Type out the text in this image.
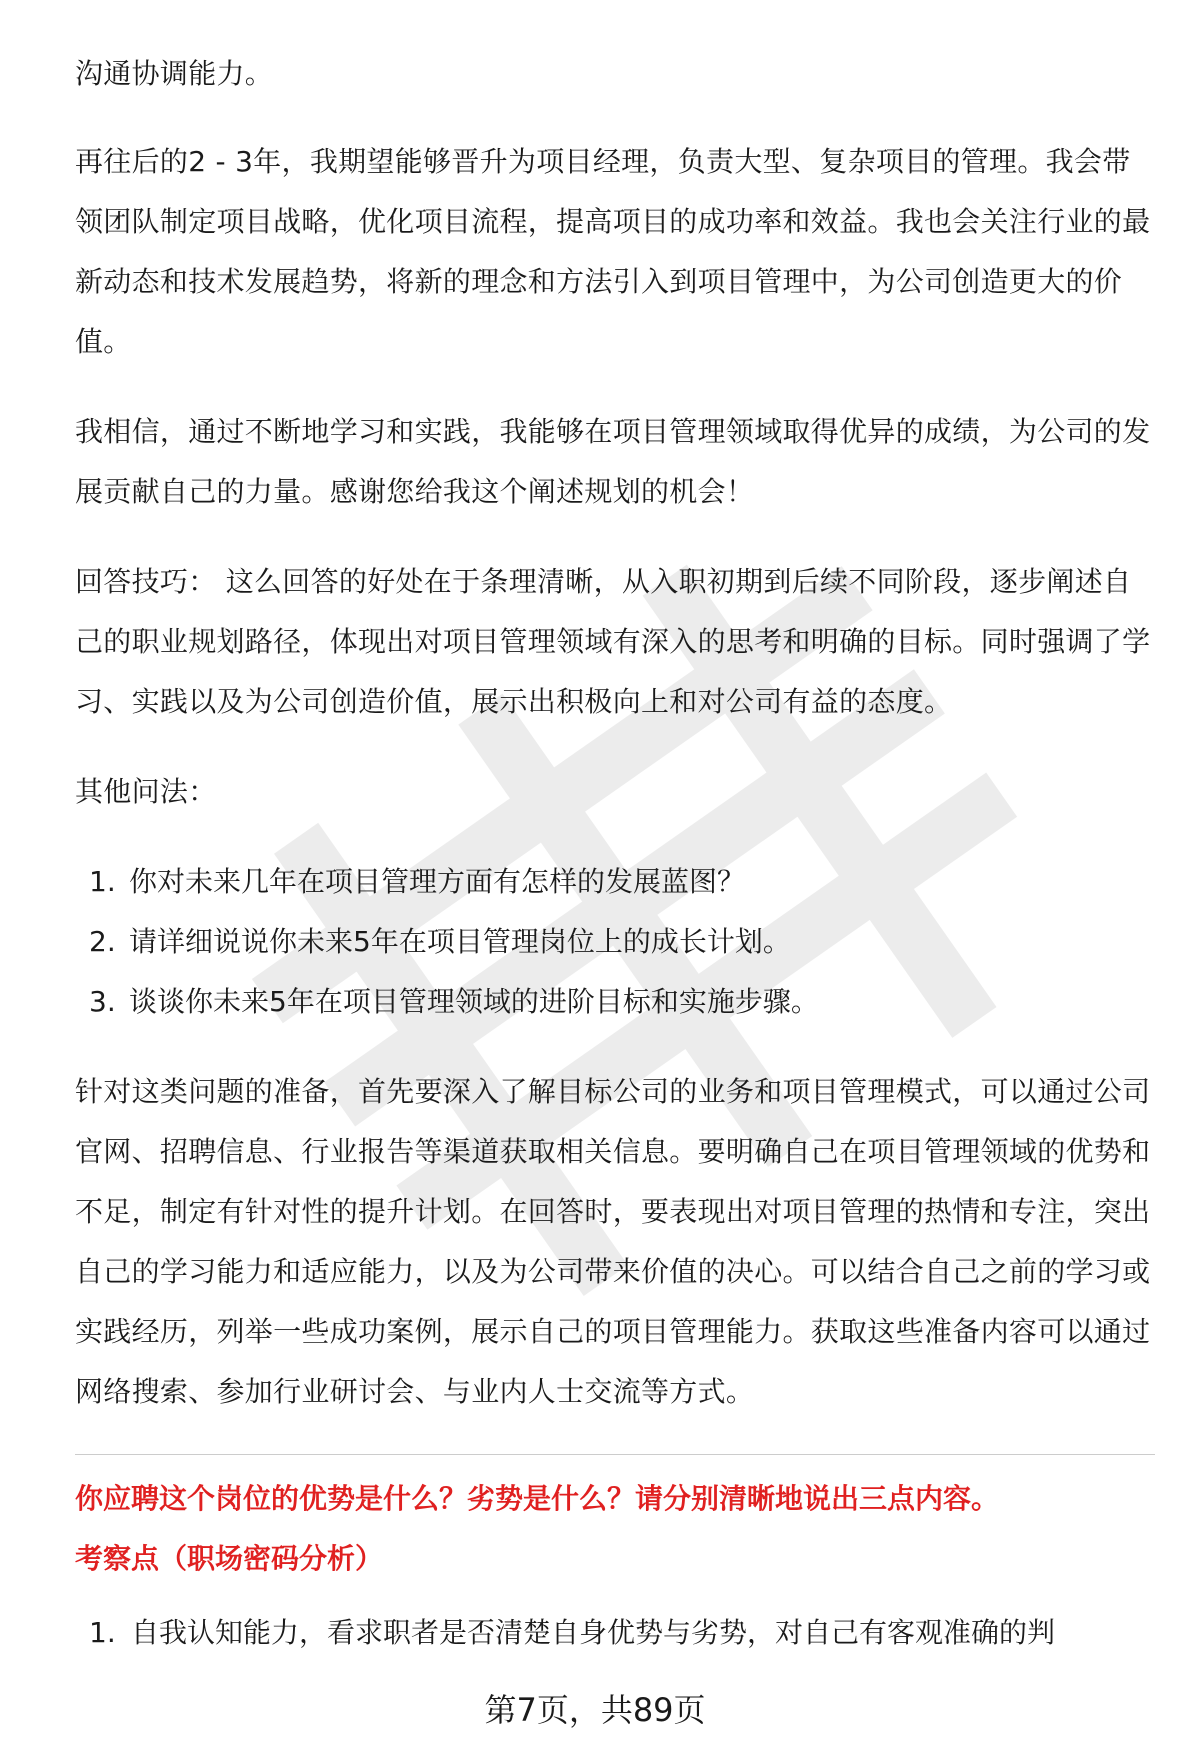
沟通协调能力。

再往后的2 - 3年，我期望能够晋升为项目经理，负责大型、复杂项目的管理。我会带领团队制定项目战略，优化项目流程，提高项目的成功率和效益。我也会关注行业的最新动态和技术发展趋势，将新的理念和方法引入到项目管理中，为公司创造更大的价值。

我相信，通过不断地学习和实践，我能够在项目管理领域取得优异的成绩，为公司的发展贡献自己的力量。感谢您给我这个阐述规划的机会！

回答技巧： 这么回答的好处在于条理清晰，从入职初期到后续不同阶段，逐步阐述自己的职业规划路径，体现出对项目管理领域有深入的思考和明确的目标。同时强调了学习、实践以及为公司创造价值，展示出积极向上和对公司有益的态度。

其他问法：

1. 你对未来几年在项目管理方面有怎样的发展蓝图？
2. 请详细说说你未来5年在项目管理岗位上的成长计划。
3. 谈谈你未来5年在项目管理领域的进阶目标和实施步骤。

针对这类问题的准备，首先要深入了解目标公司的业务和项目管理模式，可以通过公司官网、招聘信息、行业报告等渠道获取相关信息。要明确自己在项目管理领域的优势和不足，制定有针对性的提升计划。在回答时，要表现出对项目管理的热情和专注，突出自己的学习能力和适应能力，以及为公司带来价值的决心。可以结合自己之前的学习或实践经历，列举一些成功案例，展示自己的项目管理能力。获取这些准备内容可以通过网络搜索、参加行业研讨会、与业内人士交流等方式。

你应聘这个岗位的优势是什么？劣势是什么？请分别清晰地说出三点内容。

考察点（职场密码分析）

1. 自我认知能力，看求职者是否清楚自身优势与劣势，对自己有客观准确的判
第7页，共89页
